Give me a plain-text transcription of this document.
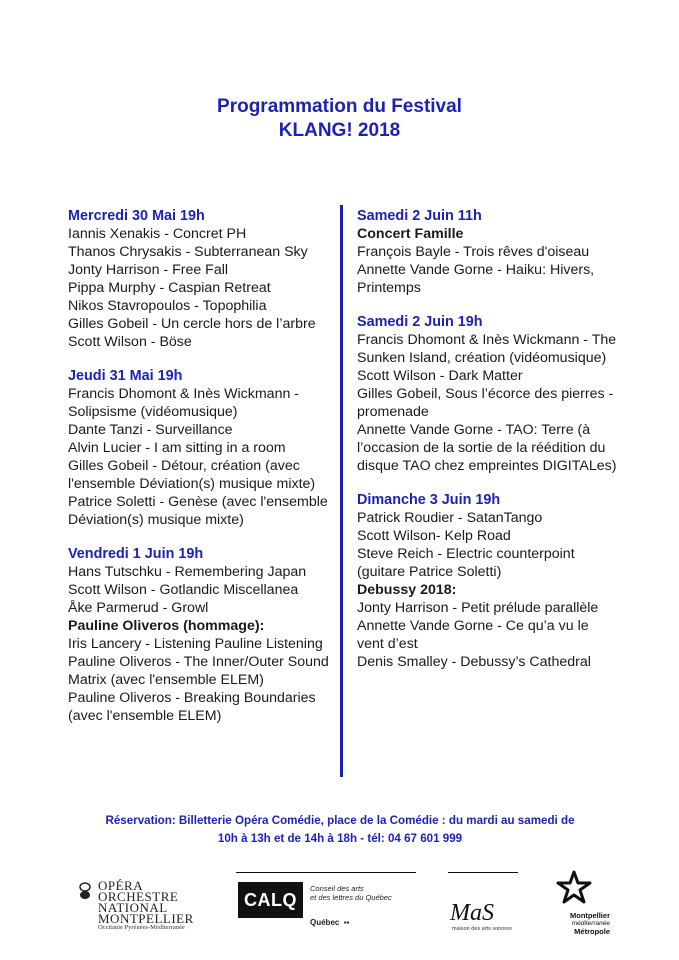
Programmation du Festival
KLANG! 2018
Mercredi 30 Mai 19h
Iannis Xenakis - Concret PH
Thanos Chrysakis - Subterranean Sky
Jonty Harrison - Free Fall
Pippa Murphy - Caspian Retreat
Nikos Stavropoulos - Topophilia
Gilles Gobeil - Un cercle hors de l’arbre
Scott Wilson - Böse
Jeudi 31 Mai 19h
Francis Dhomont & Inès Wickmann - Solipsisme (vidéomusique)
Dante Tanzi - Surveillance
Alvin Lucier - I am sitting in a room
Gilles Gobeil - Détour, création (avec l'ensemble Déviation(s) musique mixte)
Patrice Soletti - Genèse (avec l'ensemble Déviation(s) musique mixte)
Vendredi 1 Juin 19h
Hans Tutschku - Remembering Japan
Scott Wilson - Gotlandic Miscellanea
Åke Parmerud - Growl
Pauline Oliveros (hommage):
Iris Lancery - Listening Pauline Listening
Pauline Oliveros - The Inner/Outer Sound Matrix (avec l'ensemble ELEM)
Pauline Oliveros - Breaking Boundaries (avec l'ensemble ELEM)
Samedi 2 Juin 11h
Concert Famille
François Bayle - Trois rêves d'oiseau
Annette Vande Gorne - Haiku: Hivers, Printemps
Samedi 2 Juin 19h
Francis Dhomont & Inès Wickmann - The Sunken Island, création (vidéomusique)
Scott Wilson - Dark Matter
Gilles Gobeil, Sous l’écorce des pierres - promenade
Annette Vande Gorne - TAO: Terre (à l’occasion de la sortie de la réédition du disque TAO chez empreintes DIGITALes)
Dimanche 3 Juin 19h
Patrick Roudier - SatanTango
Scott Wilson- Kelp Road
Steve Reich - Electric counterpoint (guitare Patrice Soletti)
Debussy 2018:
Jonty Harrison - Petit prélude parallèle
Annette Vande Gorne - Ce qu’a vu le vent d’est
Denis Smalley - Debussy’s Cathedral
Réservation: Billetterie Opéra Comédie, place de la Comédie : du mardi au samedi de
10h à 13h et de 14h à 18h - tél: 04 67 601 999
OPÉRA
ORCHESTRE
NATIONAL
MONTPELLIER
Occitanie Pyrénées-Méditerranée
CALQ
Conseil des arts
et des lettres du Québec
Québec ▪▪	MaS
maison des arts sonores
Montpellier
méditerranée
Métropole
